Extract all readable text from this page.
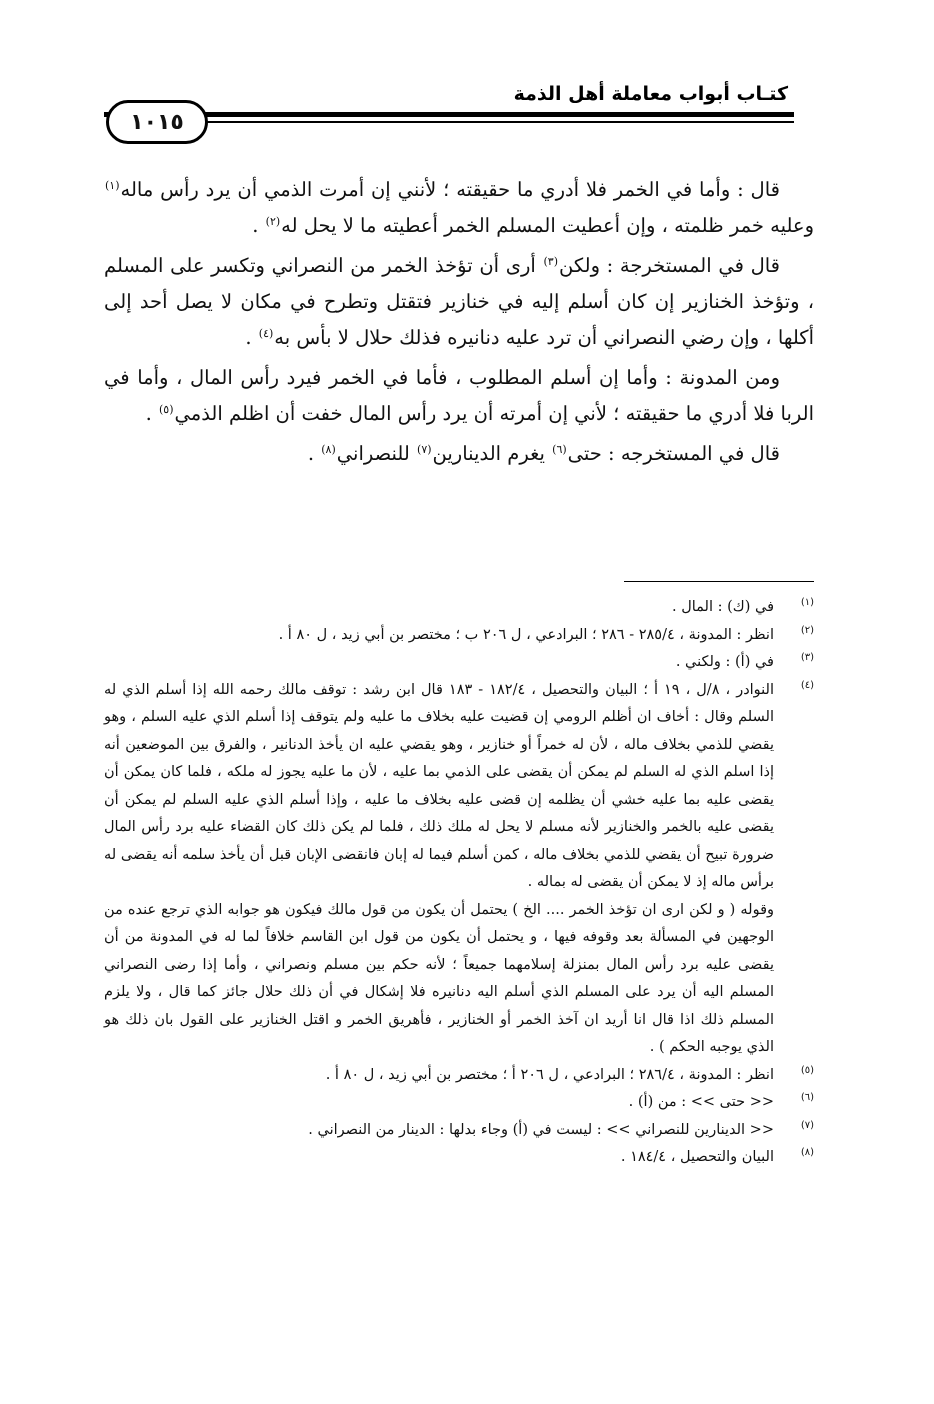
كتـاب أبواب معاملة أهل الذمة
١٠١٥

قال : وأما في الخمر فلا أدري ما حقيقته ؛ لأنني إن أمرت الذمي أن يرد رأس ماله$^{(١)}$ وعليه خمر ظلمته ، وإن أعطيت المسلم الخمر أعطيته ما لا يحل له$^{(٢)}$ .

قال في المستخرجة : ولكن$^{(٣)}$ أرى أن تؤخذ الخمر من النصراني وتكسر على المسلم ، وتؤخذ الخنازير إن كان أسلم إليه في خنازير فتقتل وتطرح في مكان لا يصل أحد إلى أكلها ، وإن رضي النصراني أن ترد عليه دنانيره فذلك حلال لا بأس به$^{(٤)}$ .

ومن المدونة : وأما إن أسلم المطلوب ، فأما في الخمر فيرد رأس المال ، وأما في الربا فلا أدري ما حقيقته ؛ لأني إن أمرته أن يرد رأس المال خفت أن اظلم الذمي$^{(٥)}$ .

قال في المستخرجه : حتى$^{(٦)}$ يغرم الدينارين$^{(٧)}$ للنصراني$^{(٨)}$ .

(١)

في (ك) : المال .

(٢)

انظر : المدونة ، ٢٨٥/٤ - ٢٨٦ ؛ البرادعي ، ل ٢٠٦ ب ؛ مختصر بن أبي زيد ، ل ٨٠ أ .

(٣)

في (أ) : ولكني .

(٤)

النوادر ، ٨/ل ، ١٩ أ ؛ البيان والتحصيل ، ١٨٢/٤ - ١٨٣ قال ابن رشد : توقف مالك رحمه الله إذا أسلم الذي له السلم وقال : أخاف ان أظلم الرومي إن قضيت عليه بخلاف ما عليه ولم يتوقف إذا أسلم الذي عليه السلم ، وهو يقضي للذمي بخلاف ماله ، لأن له خمراً أو خنازير ، وهو يقضي عليه ان يأخذ الدنانير ، والفرق بين الموضعين أنه إذا اسلم الذي له السلم لم يمكن أن يقضى على الذمي بما عليه ، لأن ما عليه يجوز له ملكه ، فلما كان يمكن أن يقضى عليه بما عليه خشي أن يظلمه إن قضى عليه بخلاف ما عليه ، وإذا أسلم الذي عليه السلم لم يمكن أن يقضى عليه بالخمر والخنازير لأنه مسلم لا يحل له ملك ذلك ، فلما لم يكن ذلك كان القضاء عليه برد رأس المال ضرورة تبيح أن يقضي للذمي بخلاف ماله ، كمن أسلم فيما له إبان فانقضى الإبان قبل أن يأخذ سلمه أنه يقضى له برأس ماله إذ لا يمكن أن يقضى له بماله .

وقوله ( و لكن ارى ان تؤخذ الخمر .... الخ ) يحتمل أن يكون من قول مالك فيكون هو جوابه الذي ترجع عنده من الوجهين في المسألة بعد وقوفه فيها ، و يحتمل أن يكون من قول ابن القاسم خلافاً لما له في المدونة من أن يقضى عليه برد رأس المال بمنزلة إسلامهما جميعاً ؛ لأنه حكم بين مسلم ونصراني ، وأما إذا رضى النصراني المسلم اليه أن يرد على المسلم الذي أسلم اليه دنانيره فلا إشكال في أن ذلك حلال جائز كما قال ، ولا يلزم المسلم ذلك اذا قال انا أريد ان آخذ الخمر أو الخنازير ، فأهريق الخمر و اقتل الخنازير على القول بان ذلك هو الذي يوجبه الحكم ) .

(٥)

انظر : المدونة ، ٢٨٦/٤ ؛ البرادعي ، ل ٢٠٦ أ ؛ مختصر بن أبي زيد ، ل ٨٠ أ .

(٦)

<< حتى >> : من (أ) .

(٧)

<< الدينارين للنصراني >> : ليست في (أ) وجاء بدلها : الدينار من النصراني .

(٨)

البيان والتحصيل ، ١٨٤/٤ .
